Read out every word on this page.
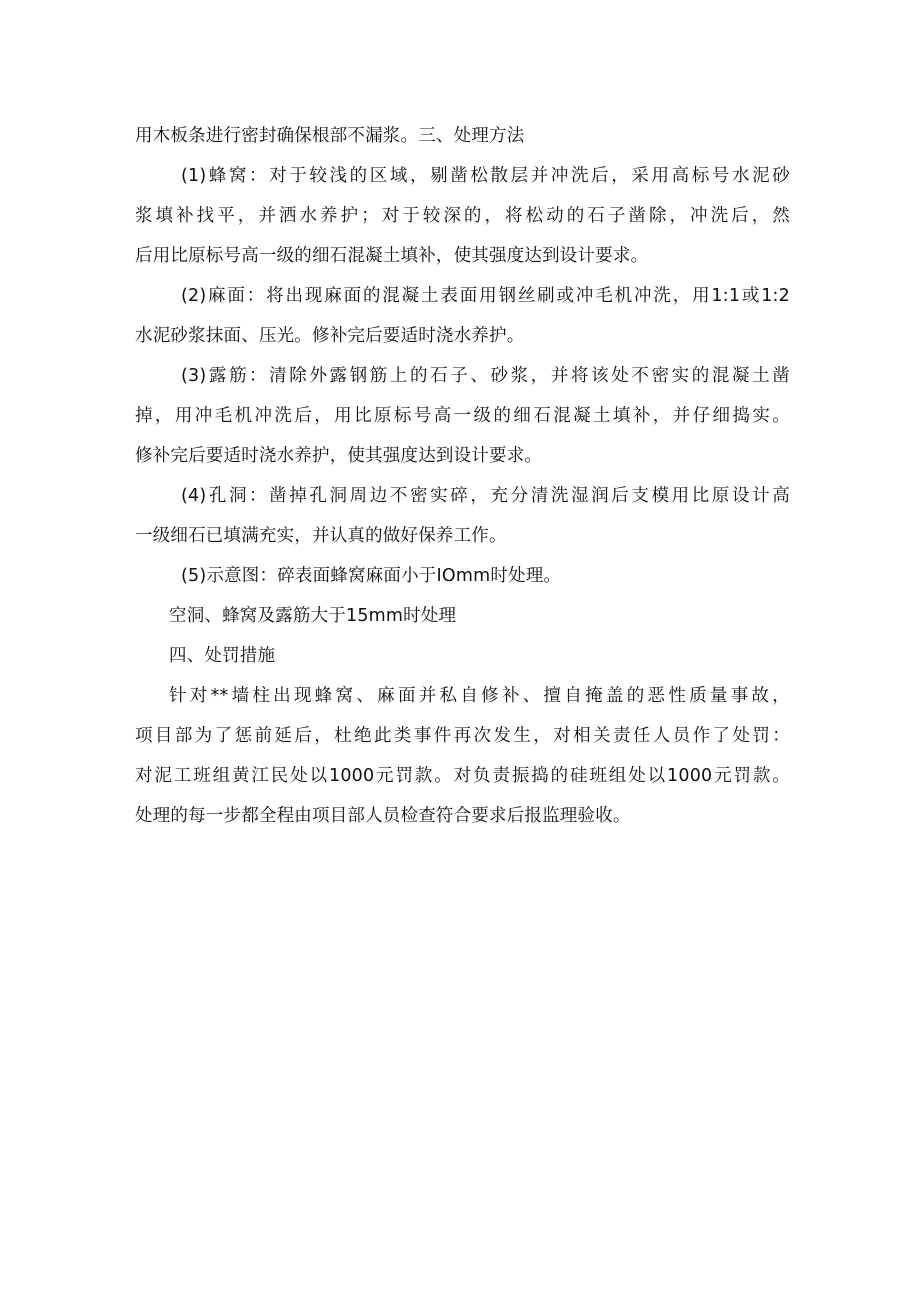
用木板条进行密封确保根部不漏浆。三、处理方法
(1)蜂窝：对于较浅的区域，剔凿松散层并冲洗后，采用高标号水泥砂
浆填补找平，并洒水养护；对于较深的，将松动的石子凿除，冲洗后，然
后用比原标号高一级的细石混凝土填补，使其强度达到设计要求。
(2)麻面：将出现麻面的混凝土表面用钢丝刷或冲毛机冲洗，用1:1或1:2
水泥砂浆抹面、压光。修补完后要适时浇水养护。
(3)露筋：清除外露钢筋上的石子、砂浆，并将该处不密实的混凝土凿
掉，用冲毛机冲洗后，用比原标号高一级的细石混凝土填补，并仔细捣实。
修补完后要适时浇水养护，使其强度达到设计要求。
(4)孔洞：凿掉孔洞周边不密实碎，充分清洗湿润后支模用比原设计高
一级细石已填满充实，并认真的做好保养工作。
(5)示意图：碎表面蜂窝麻面小于IOmm时处理。
空洞、蜂窝及露筋大于15mm时处理
四、处罚措施
针对**墙柱出现蜂窝、麻面并私自修补、擅自掩盖的恶性质量事故，
项目部为了惩前延后，杜绝此类事件再次发生，对相关责任人员作了处罚：
对泥工班组黄江民处以1000元罚款。对负责振捣的硅班组处以1000元罚款。
处理的每一步都全程由项目部人员检查符合要求后报监理验收。
